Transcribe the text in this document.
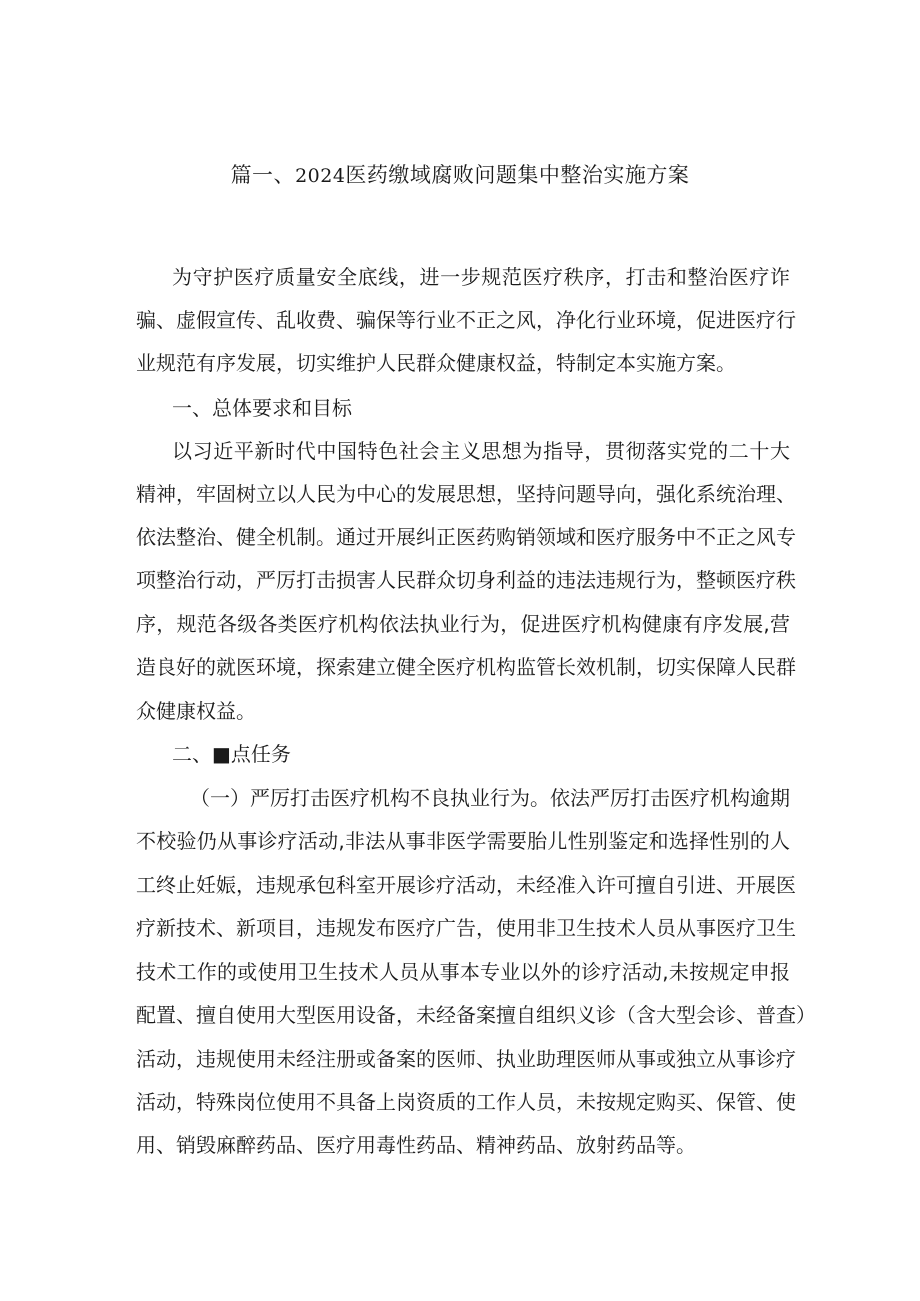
篇一、2024医药缴域腐败问题集中整治实施方案
为守护医疗质量安全底线，进一步规范医疗秩序，打击和整治医疗诈
骗、虚假宣传、乱收费、骗保等行业不正之风，净化行业环境，促进医疗行
业规范有序发展，切实维护人民群众健康权益，特制定本实施方案。
一、总体要求和目标
以习近平新时代中国特色社会主义思想为指导，贯彻落实党的二十大
精神，牢固树立以人民为中心的发展思想，坚持问题导向，强化系统治理、
依法整治、健全机制。通过开展纠正医药购销领域和医疗服务中不正之风专
项整治行动，严厉打击损害人民群众切身利益的违法违规行为，整顿医疗秩
序，规范各级各类医疗机构依法执业行为，促进医疗机构健康有序发展,营
造良好的就医环境，探索建立健全医疗机构监管长效机制，切实保障人民群
众健康权益。
二、■点任务
（一）严厉打击医疗机构不良执业行为。依法严厉打击医疗机构逾期
不校验仍从事诊疗活动,非法从事非医学需要胎儿性别鉴定和选择性别的人
工终止妊娠，违规承包科室开展诊疗活动，未经准入许可擅自引进、开展医
疗新技术、新项目，违规发布医疗广告，使用非卫生技术人员从事医疗卫生
技术工作的或使用卫生技术人员从事本专业以外的诊疗活动,未按规定申报
配置、擅自使用大型医用设备，未经备案擅自组织义诊（含大型会诊、普查）
活动，违规使用未经注册或备案的医师、执业助理医师从事或独立从事诊疗
活动，特殊岗位使用不具备上岗资质的工作人员，未按规定购买、保管、使
用、销毁麻醉药品、医疗用毒性药品、精神药品、放射药品等。
